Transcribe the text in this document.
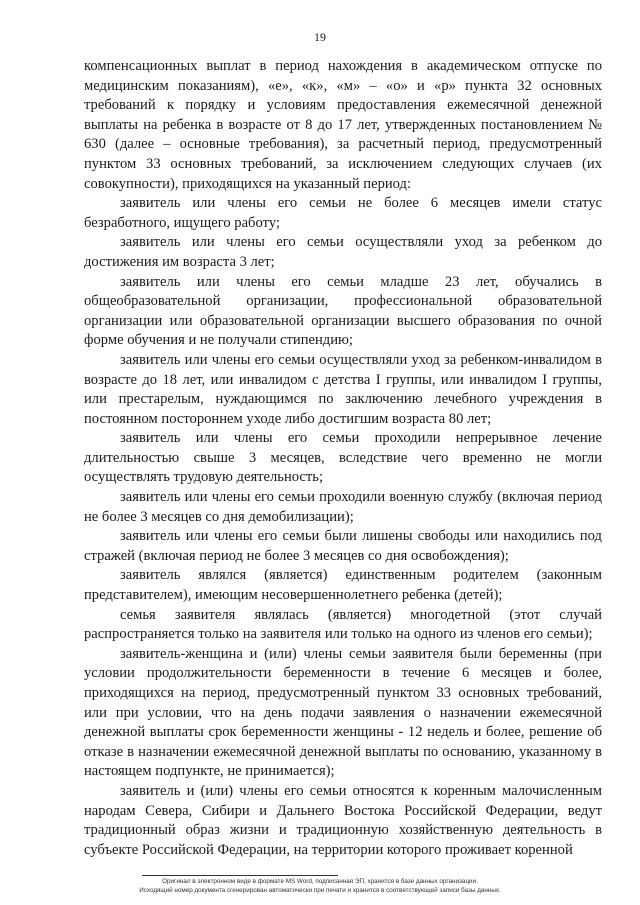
19

компенсационных выплат в период нахождения в академическом отпуске по медицинским показаниям), «е», «к», «м» – «о» и «р» пункта 32 основных требований к порядку и условиям предоставления ежемесячной денежной выплаты на ребенка в возрасте от 8 до 17 лет, утвержденных постановлением № 630 (далее – основные требования), за расчетный период, предусмотренный пунктом 33 основных требований, за исключением следующих случаев (их совокупности), приходящихся на указанный период:

заявитель или члены его семьи не более 6 месяцев имели статус безработного, ищущего работу;

заявитель или члены его семьи осуществляли уход за ребенком до достижения им возраста 3 лет;

заявитель или члены его семьи младше 23 лет, обучались в общеобразовательной организации, профессиональной образовательной организации или образовательной организации высшего образования по очной форме обучения и не получали стипендию;

заявитель или члены его семьи осуществляли уход за ребенком-инвалидом в возрасте до 18 лет, или инвалидом с детства I группы, или инвалидом I группы, или престарелым, нуждающимся по заключению лечебного учреждения в постоянном постороннем уходе либо достигшим возраста 80 лет;

заявитель или члены его семьи проходили непрерывное лечение длительностью свыше 3 месяцев, вследствие чего временно не могли осуществлять трудовую деятельность;

заявитель или члены его семьи проходили военную службу (включая период не более 3 месяцев со дня демобилизации);

заявитель или члены его семьи были лишены свободы или находились под стражей (включая период не более 3 месяцев со дня освобождения);

заявитель являлся (является) единственным родителем (законным представителем), имеющим несовершеннолетнего ребенка (детей);

семья заявителя являлась (является) многодетной (этот случай распространяется только на заявителя или только на одного из членов его семьи);

заявитель-женщина и (или) члены семьи заявителя были беременны (при условии продолжительности беременности в течение 6 месяцев и более, приходящихся на период, предусмотренный пунктом 33 основных требований, или при условии, что на день подачи заявления о назначении ежемесячной денежной выплаты срок беременности женщины - 12 недель и более, решение об отказе в назначении ежемесячной денежной выплаты по основанию, указанному в настоящем подпункте, не принимается);

заявитель и (или) члены его семьи относятся к коренным малочисленным народам Севера, Сибири и Дальнего Востока Российской Федерации, ведут традиционный образ жизни и традиционную хозяйственную деятельность в субъекте Российской Федерации, на территории которого проживает коренной

Оригинал в электронном виде в формате MS Word, подписанная ЭП, хранится в базе данных организации.
Исходящий номер документа сгенерирован автоматически при печати и хранится в соответствующей записи базы данных.
